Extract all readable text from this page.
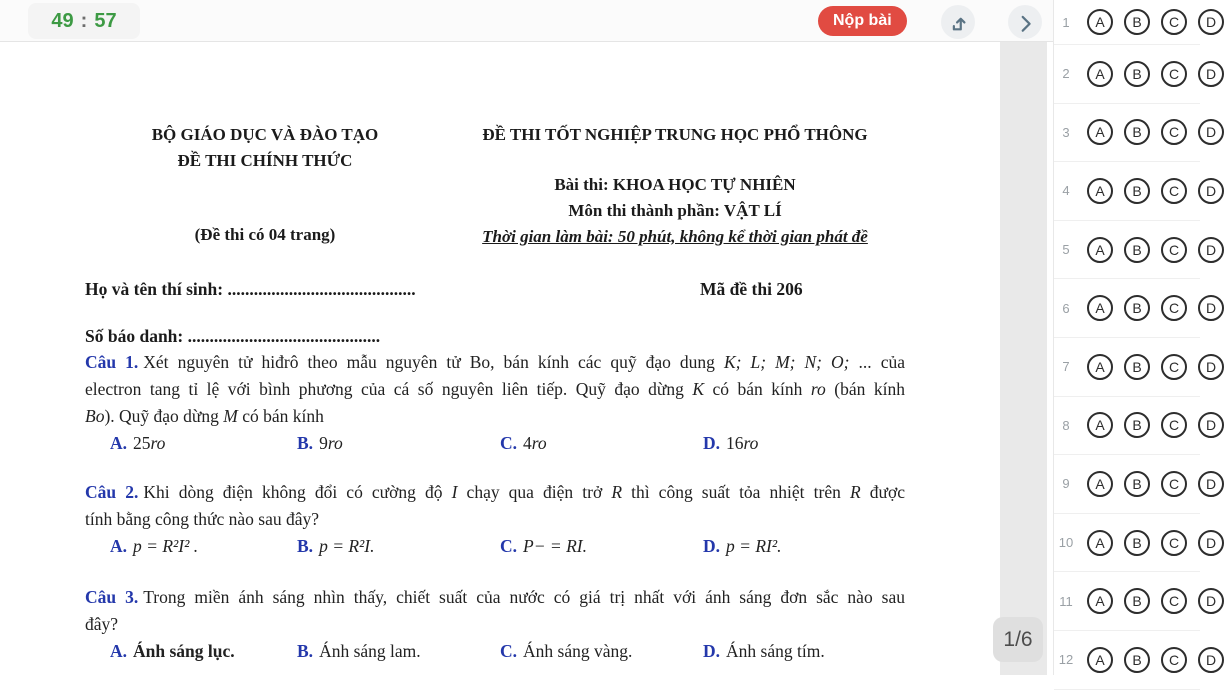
49 : 57	Nộp bài
BỘ GIÁO DỤC VÀ ĐÀO TẠO
ĐỀ THI CHÍNH THỨC
(Đề thi có 04 trang)
ĐỀ THI TỐT NGHIỆP TRUNG HỌC PHỔ THÔNG
Bài thi: KHOA HỌC TỰ NHIÊN
Môn thi thành phần: VẬT LÍ
Thời gian làm bài: 50 phút, không kể thời gian phát đề
Họ và tên thí sinh: ...........................................	Mã đề thi 206
Số báo danh: ............................................
Câu 1. Xét nguyên tử hiđrô theo mẫu nguyên tử Bo, bán kính các quỹ đạo dung K; L; M; N; O; ... của
electron tang tỉ lệ với bình phương của cá số nguyên liên tiếp. Quỹ đạo dừng K có bán kính ro (bán kính
Bo). Quỹ đạo dừng M có bán kính
A. 25ro	B. 9ro	C. 4ro	D. 16ro
Câu 2. Khi dòng điện không đổi có cường độ I chạy qua điện trở R thì công suất tỏa nhiệt trên R được
tính bằng công thức nào sau đây?
A. p = R²I² .	B. p = R²I.	C. P− = RI.	D. p = RI².
Câu 3. Trong miền ánh sáng nhìn thấy, chiết suất của nước có giá trị nhất với ánh sáng đơn sắc nào sau
đây?
A. Ánh sáng lục.	B. Ánh sáng lam.	C. Ánh sáng vàng.	D. Ánh sáng tím.
1/6
1	A	B	C	D
2	A	B	C	D
3	A	B	C	D
4	A	B	C	D
5	A	B	C	D
6	A	B	C	D
7	A	B	C	D
8	A	B	C	D
9	A	B	C	D
10	A	B	C	D
11	A	B	C	D
12	A	B	C	D
